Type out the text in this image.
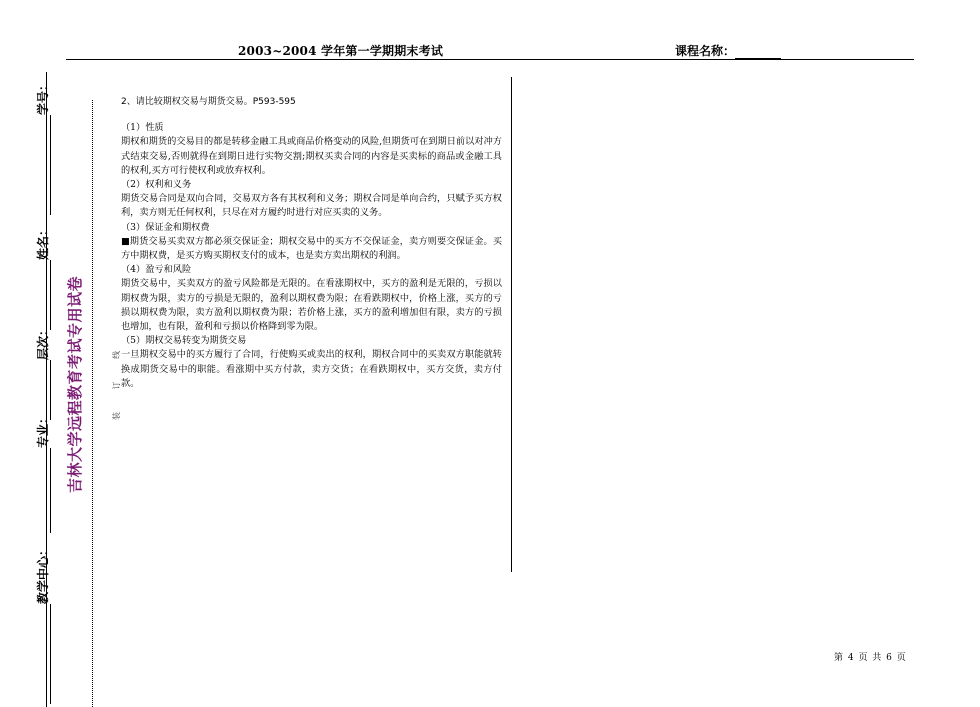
2003~2004 学年第一学期期末考试	课程名称：
学号：
姓名：
层次：
专业：
教学中心：
吉林大学远程教育考试专用试卷	装 订 线
2、请比较期权交易与期货交易。P593-595

（1）性质

期权和期货的交易目的都是转移金融工具或商品价格变动的风险,但期货可在到期日前以对冲方式结束交易,否则就得在到期日进行实物交割;期权买卖合同的内容是买卖标的商品或金融工具的权利,买方可行使权利或放弃权利。

（2）权利和义务

期货交易合同是双向合同，交易双方各有其权利和义务；期权合同是单向合约，只赋予买方权利，卖方则无任何权利，只尽在对方履约时进行对应买卖的义务。

（3）保证金和期权费

■期货交易买卖双方都必须交保证金；期权交易中的买方不交保证金，卖方则要交保证金。买方中期权费，是买方购买期权支付的成本，也是卖方卖出期权的利润。

（4）盈亏和风险

期货交易中，买卖双方的盈亏风险都是无限的。在看涨期权中，买方的盈利是无限的，亏损以期权费为限，卖方的亏损是无限的，盈利以期权费为限；在看跌期权中，价格上涨，买方的亏损以期权费为限，卖方盈利以期权费为限；若价格上涨，买方的盈利增加但有限，卖方的亏损也增加，也有限，盈利和亏损以价格降到零为限。

（5）期权交易转变为期货交易

一旦期权交易中的买方履行了合同，行使购买或卖出的权利，期权合同中的买卖双方职能就转换成期货交易中的职能。看涨期中买方付款，卖方交货；在看跌期权中，买方交货，卖方付款。

第 4 页 共 6 页
